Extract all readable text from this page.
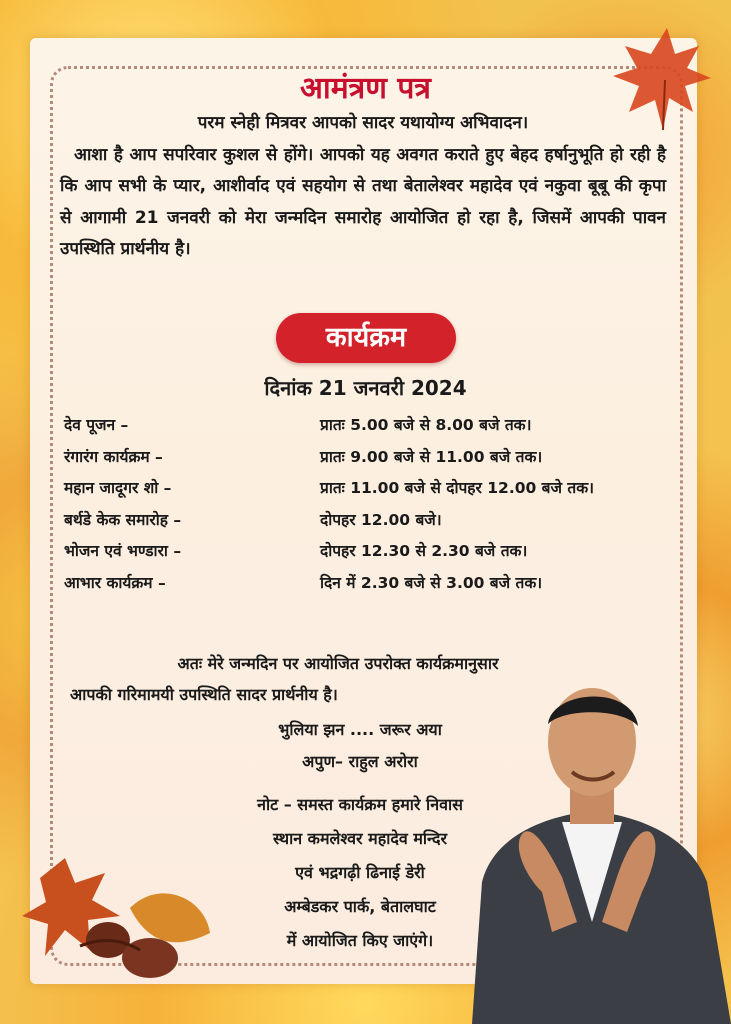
आमंत्रण पत्र

परम स्नेही मित्रवर आपको सादर यथायोग्य अभिवादन।

आशा है आप सपरिवार कुशल से होंगे। आपको यह अवगत कराते हुए बेहद हर्षानुभूति हो रही है कि आप सभी के प्यार, आशीर्वाद एवं सहयोग से तथा बेतालेश्वर महादेव एवं नकुवा बूबू की कृपा से आगामी 21 जनवरी को मेरा जन्मदिन समारोह आयोजित हो रहा है, जिसमें आपकी पावन उपस्थिति प्रार्थनीय है।

कार्यक्रम
दिनांक 21 जनवरी 2024
देव पूजन –	प्रातः 5.00 बजे से 8.00 बजे तक।
रंगारंग कार्यक्रम –	प्रातः 9.00 बजे से 11.00 बजे तक।
महान जादूगर शो –	प्रातः 11.00 बजे से दोपहर 12.00 बजे तक।
बर्थडे केक समारोह –	दोपहर 12.00 बजे।
भोजन एवं भण्डारा –	दोपहर 12.30 से 2.30 बजे तक।
आभार कार्यक्रम –	दिन में 2.30 बजे से 3.00 बजे तक।
अतः मेरे जन्मदिन पर आयोजित उपरोक्त कार्यक्रमानुसार
आपकी गरिमामयी उपस्थिति सादर प्रार्थनीय है।
भुलिया झन .... जरूर अया
अपुण– राहुल अरोरा
नोट – समस्त कार्यक्रम हमारे निवास
स्थान कमलेश्वर महादेव मन्दिर
एवं भद्रगढ़ी ढिनाई डेरी
अम्बेडकर पार्क, बेतालघाट
में आयोजित किए जाएंगे।
